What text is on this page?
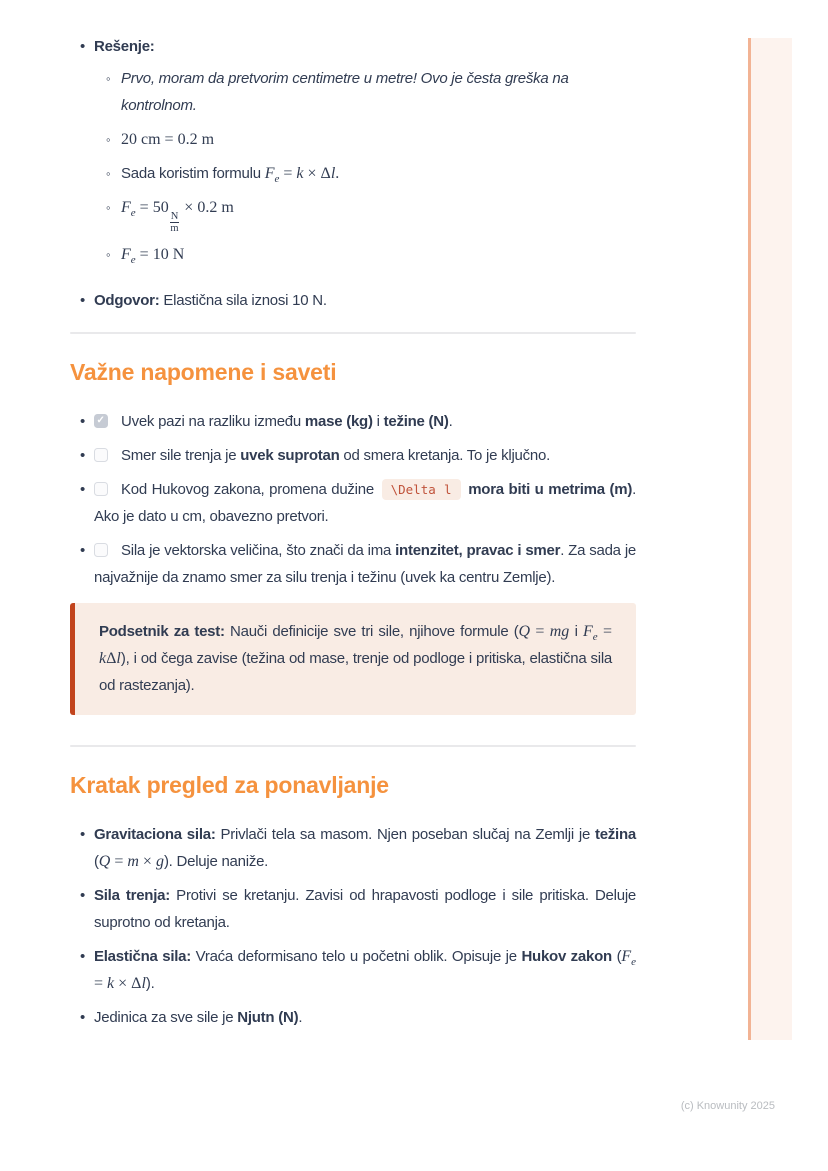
•
Rešenje:
◦
Prvo, moram da pretvorim centimetre u metre! Ovo je česta greška na kontrolnom.
◦
20 cm = 0.2 m
◦
Sada koristim formulu $F_e = k \times \Delta l$.
◦
$F_e = 50$
$\frac{N}{m}$
× 0.2 m
◦
$F_e = 10$ N
•
Odgovor: Elastična sila iznosi 10 N.
Važne napomene i saveti
•
✓Uvek pazi na razliku između mase (kg) i težine (N).
•
Smer sile trenja je uvek suprotan od smera kretanja. To je ključno.
•
Kod Hukovog zakona, promena dužine \Delta l mora biti u metrima (m). Ako je dato u cm, obavezno pretvori.
•
Sila je vektorska veličina, što znači da ima intenzitet, pravac i smer. Za sada je najvažnije da znamo smer za silu trenja i težinu (uvek ka centru Zemlje).
Podsetnik za test: Nauči definicije sve tri sile, njihove formule (Q = mg i $F_e = k\Delta l$), i od čega zavise (težina od mase, trenje od podloge i pritiska, elastična sila od rastezanja).
Kratak pregled za ponavljanje
•
Gravitaciona sila: Privlači tela sa masom. Njen poseban slučaj na Zemlji je težina (Q = m × g). Deluje naniže.
•
Sila trenja: Protivi se kretanju. Zavisi od hrapavosti podloge i sile pritiska. Deluje suprotno od kretanja.
•
Elastična sila: Vraća deformisano telo u početni oblik. Opisuje je Hukov zakon $(F_e = k \times \Delta l)$.
•
Jedinica za sve sile je Njutn (N).
(c) Knowunity 2025
